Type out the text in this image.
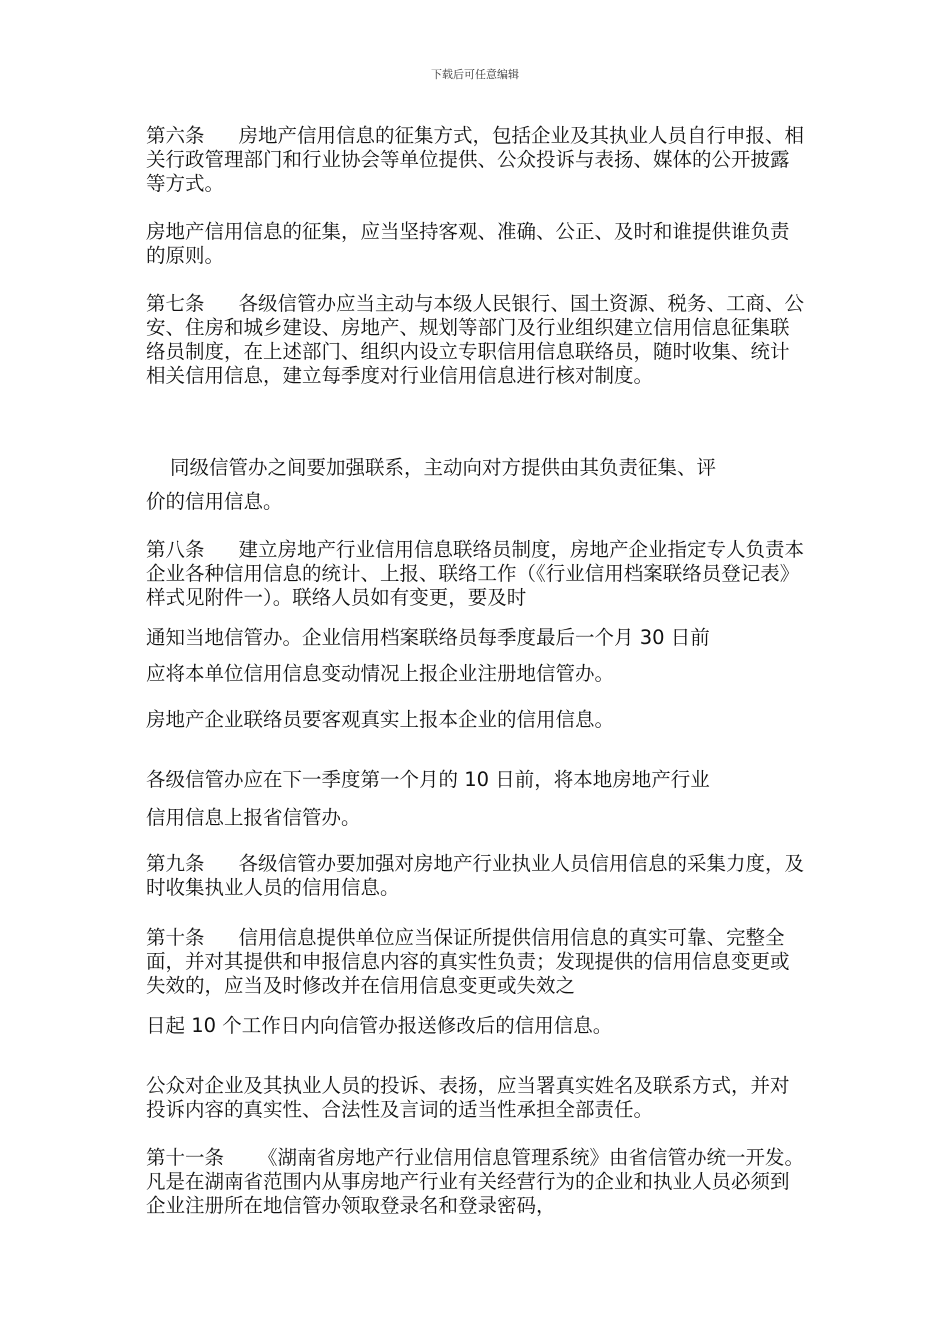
下载后可任意编辑

第六条 房地产信用信息的征集方式，包括企业及其执业人员自行申报、相关行政管理部门和行业协会等单位提供、公众投诉与表扬、媒体的公开披露等方式。

房地产信用信息的征集，应当坚持客观、准确、公正、及时和谁提供谁负责的原则。

第七条 各级信管办应当主动与本级人民银行、国土资源、税务、工商、公安、住房和城乡建设、房地产、规划等部门及行业组织建立信用信息征集联络员制度，在上述部门、组织内设立专职信用信息联络员，随时收集、统计相关信用信息，建立每季度对行业信用信息进行核对制度。

同级信管办之间要加强联系，主动向对方提供由其负责征集、评

价的信用信息。

第八条 建立房地产行业信用信息联络员制度，房地产企业指定专人负责本企业各种信用信息的统计、上报、联络工作（《行业信用档案联络员登记表》样式见附件一）。联络人员如有变更，要及时

通知当地信管办。企业信用档案联络员每季度最后一个月 30 日前

应将本单位信用信息变动情况上报企业注册地信管办。

房地产企业联络员要客观真实上报本企业的信用信息。

各级信管办应在下一季度第一个月的 10 日前，将本地房地产行业

信用信息上报省信管办。

第九条 各级信管办要加强对房地产行业执业人员信用信息的采集力度，及时收集执业人员的信用信息。

第十条 信用信息提供单位应当保证所提供信用信息的真实可靠、完整全面，并对其提供和申报信息内容的真实性负责；发现提供的信用信息变更或失效的，应当及时修改并在信用信息变更或失效之

日起 10 个工作日内向信管办报送修改后的信用信息。

公众对企业及其执业人员的投诉、表扬，应当署真实姓名及联系方式，并对投诉内容的真实性、合法性及言词的适当性承担全部责任。

第十一条 《湖南省房地产行业信用信息管理系统》由省信管办统一开发。凡是在湖南省范围内从事房地产行业有关经营行为的企业和执业人员必须到企业注册所在地信管办领取登录名和登录密码，
